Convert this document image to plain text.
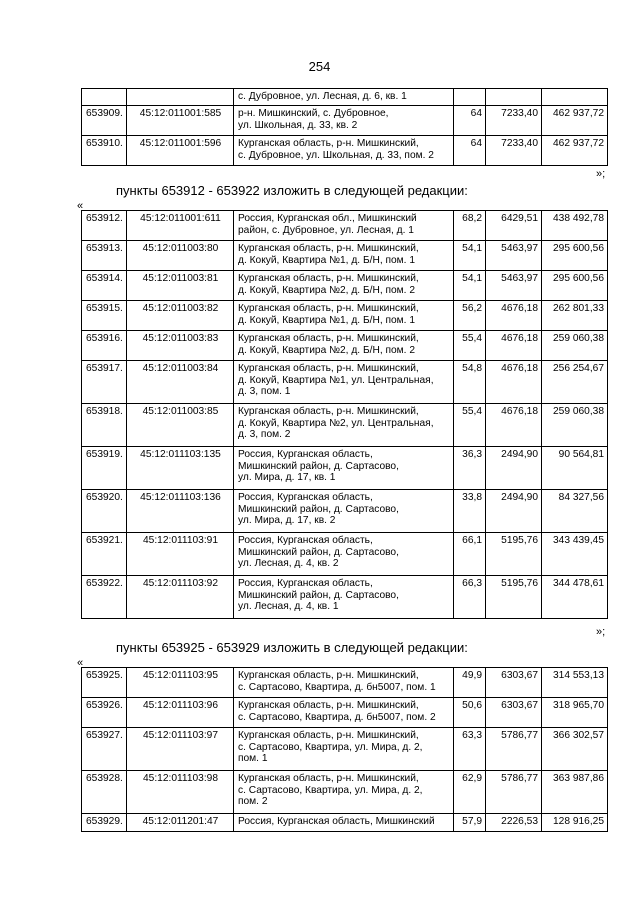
254
		с. Дубровное, ул. Лесная, д. 6, кв. 1			
653909.	45:12:011001:585	р-н. Мишкинский, с. Дубровное,
ул. Школьная, д. 33, кв. 2	64	7233,40	462 937,72
653910.	45:12:011001:596	Курганская область, р-н. Мишкинский,
с. Дубровное, ул. Школьная, д. 33, пом. 2	64	7233,40	462 937,72
»;
пункты 653912 - 653922 изложить в следующей редакции:
«
653912.	45:12:011001:611	Россия, Курганская обл., Мишкинский
район, с. Дубровное, ул. Лесная, д. 1	68,2	6429,51	438 492,78
653913.	45:12:011003:80	Курганская область, р-н. Мишкинский,
д. Кокуй, Квартира №1, д. Б/Н, пом. 1	54,1	5463,97	295 600,56
653914.	45:12:011003:81	Курганская область, р-н. Мишкинский,
д. Кокуй, Квартира №2, д. Б/Н, пом. 2	54,1	5463,97	295 600,56
653915.	45:12:011003:82	Курганская область, р-н. Мишкинский,
д. Кокуй, Квартира №1, д. Б/Н, пом. 1	56,2	4676,18	262 801,33
653916.	45:12:011003:83	Курганская область, р-н. Мишкинский,
д. Кокуй, Квартира №2, д. Б/Н, пом. 2	55,4	4676,18	259 060,38
653917.	45:12:011003:84	Курганская область, р-н. Мишкинский,
д. Кокуй, Квартира №1, ул. Центральная,
д. 3, пом. 1	54,8	4676,18	256 254,67
653918.	45:12:011003:85	Курганская область, р-н. Мишкинский,
д. Кокуй, Квартира №2, ул. Центральная,
д. 3, пом. 2	55,4	4676,18	259 060,38
653919.	45:12:011103:135	Россия, Курганская область,
Мишкинский район, д. Сартасово,
ул. Мира, д. 17, кв. 1	36,3	2494,90	90 564,81
653920.	45:12:011103:136	Россия, Курганская область,
Мишкинский район, д. Сартасово,
ул. Мира, д. 17, кв. 2	33,8	2494,90	84 327,56
653921.	45:12:011103:91	Россия, Курганская область,
Мишкинский район, д. Сартасово,
ул. Лесная, д. 4, кв. 2	66,1	5195,76	343 439,45
653922.	45:12:011103:92	Россия, Курганская область,
Мишкинский район, д. Сартасово,
ул. Лесная, д. 4, кв. 1	66,3	5195,76	344 478,61
»;
пункты 653925 - 653929 изложить в следующей редакции:
«
653925.	45:12:011103:95	Курганская область, р-н. Мишкинский,
с. Сартасово, Квартира, д. бн5007, пом. 1	49,9	6303,67	314 553,13
653926.	45:12:011103:96	Курганская область, р-н. Мишкинский,
с. Сартасово, Квартира, д. бн5007, пом. 2	50,6	6303,67	318 965,70
653927.	45:12:011103:97	Курганская область, р-н. Мишкинский,
с. Сартасово, Квартира, ул. Мира, д. 2,
пом. 1	63,3	5786,77	366 302,57
653928.	45:12:011103:98	Курганская область, р-н. Мишкинский,
с. Сартасово, Квартира, ул. Мира, д. 2,
пом. 2	62,9	5786,77	363 987,86
653929.	45:12:011201:47	Россия, Курганская область, Мишкинский	57,9	2226,53	128 916,25
